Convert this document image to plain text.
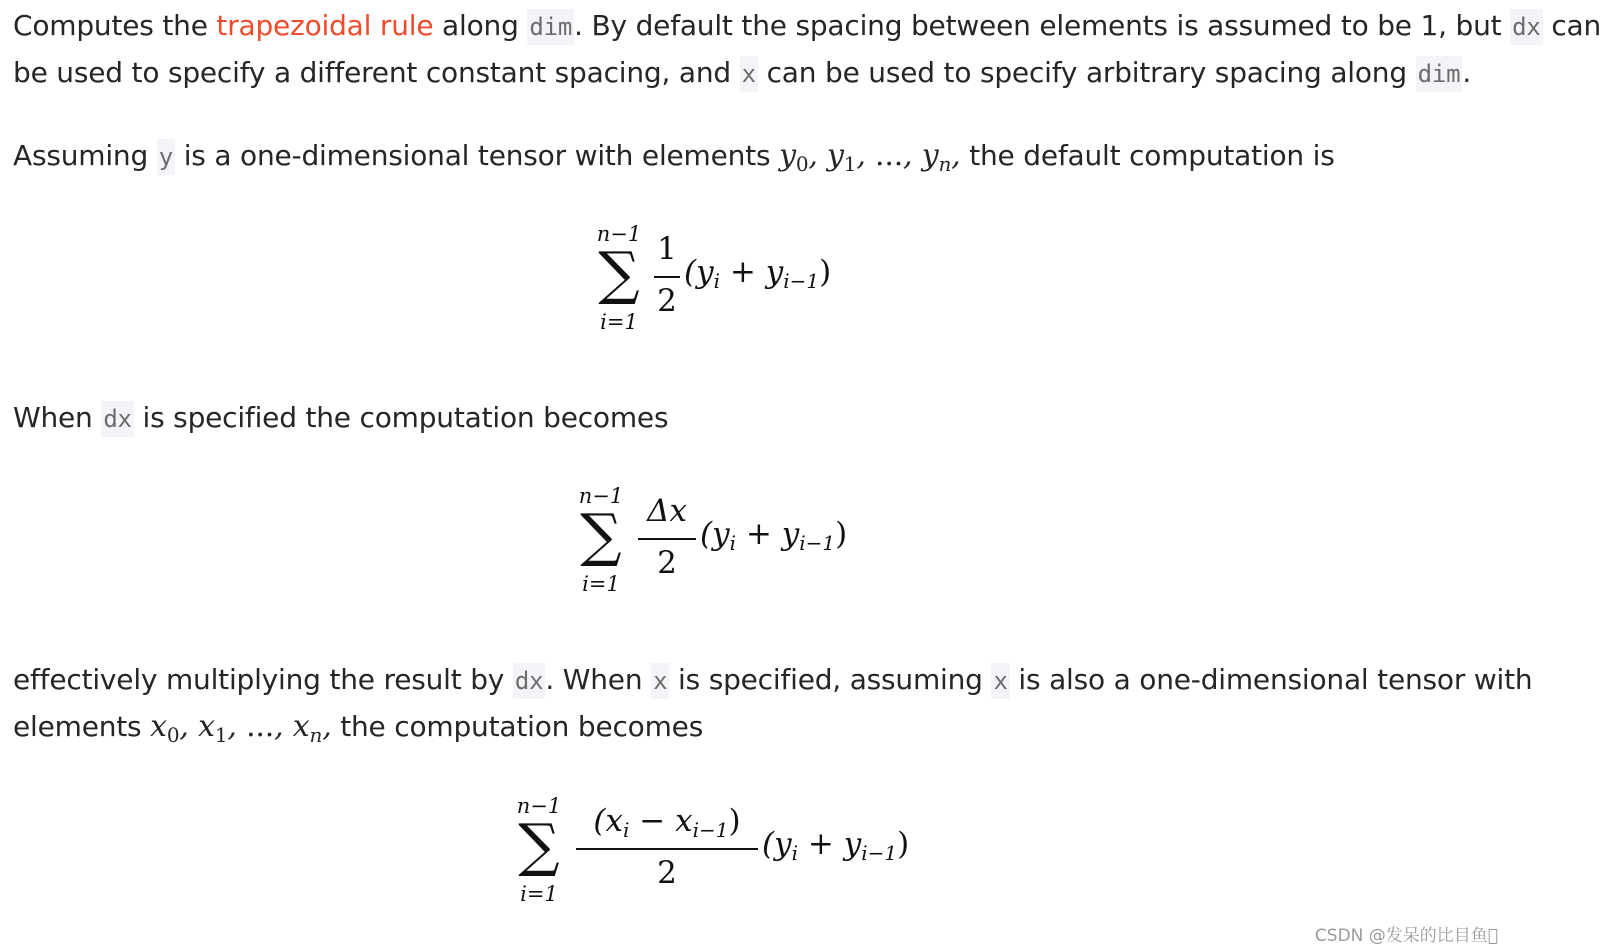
Computes the trapezoidal rule along dim. By default the spacing between elements is assumed to be 1, but dx can
be used to specify a different constant spacing, and x can be used to specify arbitrary spacing along dim.

Assuming y is a one-dimensional tensor with elements $y_0$, $y_1$, ..., $y_n$, the default computation is

n−1
∑
i=1
1
2
$(y_i + y_{i-1})$

When dx is specified the computation becomes

n−1
∑
i=1
Δx
2
$(y_i + y_{i-1})$

effectively multiplying the result by dx. When x is specified, assuming x is also a one-dimensional tensor with
elements $x_0$, $x_1$, ..., $x_n$, the computation becomes

n−1
∑
i=1
$(x_i - x_{i-1})$
2
$(y_i + y_{i-1})$
CSDN @发呆的比目鱼 
